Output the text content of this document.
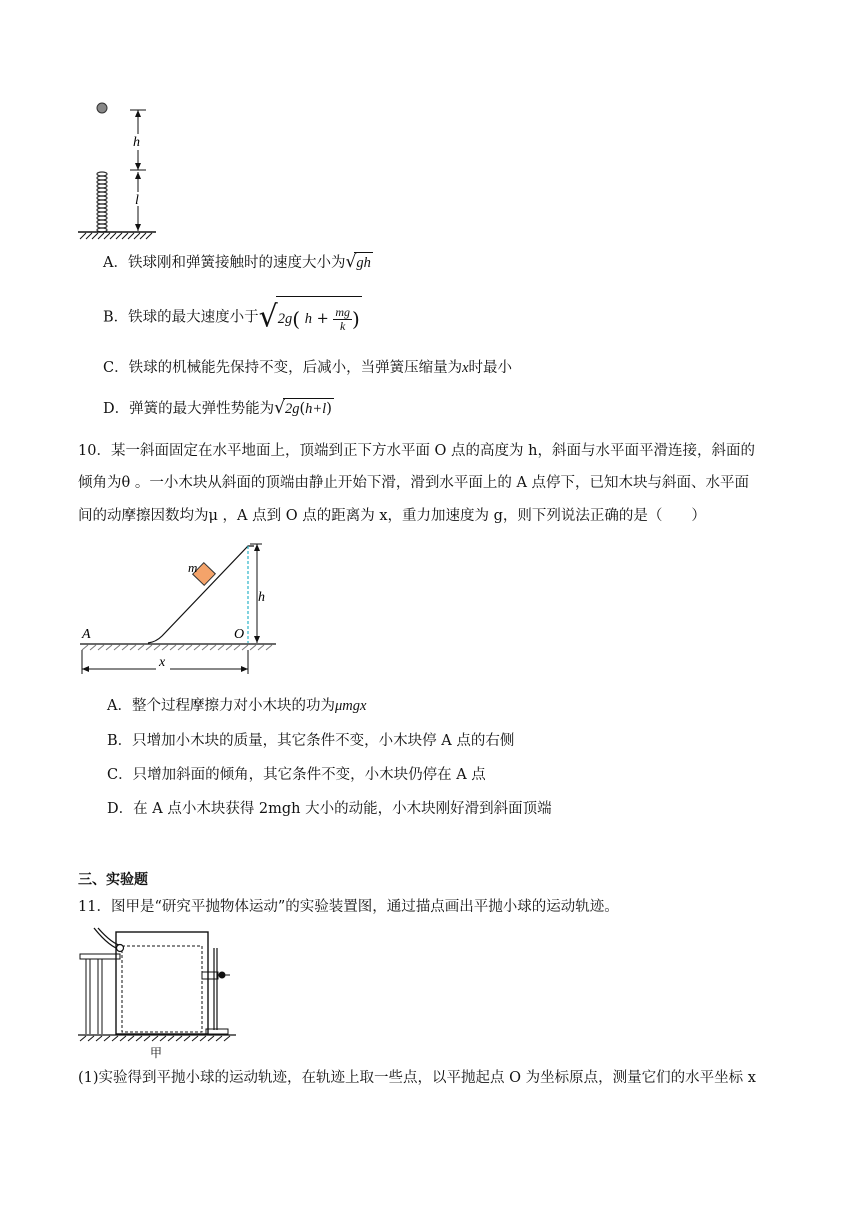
h
l
A．铁球刚和弹簧接触时的速度大小为√gh
B．铁球的最大速度小于√2g( $h + \frac{mg}{k}$ )
C．铁球的机械能先保持不变，后减小，当弹簧压缩量为x时最小
D．弹簧的最大弹性势能为√2g(h+l)
10．某一斜面固定在水平地面上，顶端到正下方水平面 O 点的高度为 h，斜面与水平面平滑连接，斜面的
倾角为θ 。一小木块从斜面的顶端由静止开始下滑，滑到水平面上的 A 点停下，已知木块与斜面、水平面
间的动摩擦因数均为μ ，A 点到 O 点的距离为 x，重力加速度为 g，则下列说法正确的是（　　）
m
h
A	O
x
A．整个过程摩擦力对小木块的功为μmgx
B．只增加小木块的质量，其它条件不变，小木块停 A 点的右侧
C．只增加斜面的倾角，其它条件不变，小木块仍停在 A 点
D．在 A 点小木块获得 2mgh 大小的动能，小木块刚好滑到斜面顶端
三、实验题
11．图甲是“研究平抛物体运动”的实验装置图，通过描点画出平抛小球的运动轨迹。
甲
(1)实验得到平抛小球的运动轨迹，在轨迹上取一些点，以平抛起点 O 为坐标原点，测量它们的水平坐标 x
